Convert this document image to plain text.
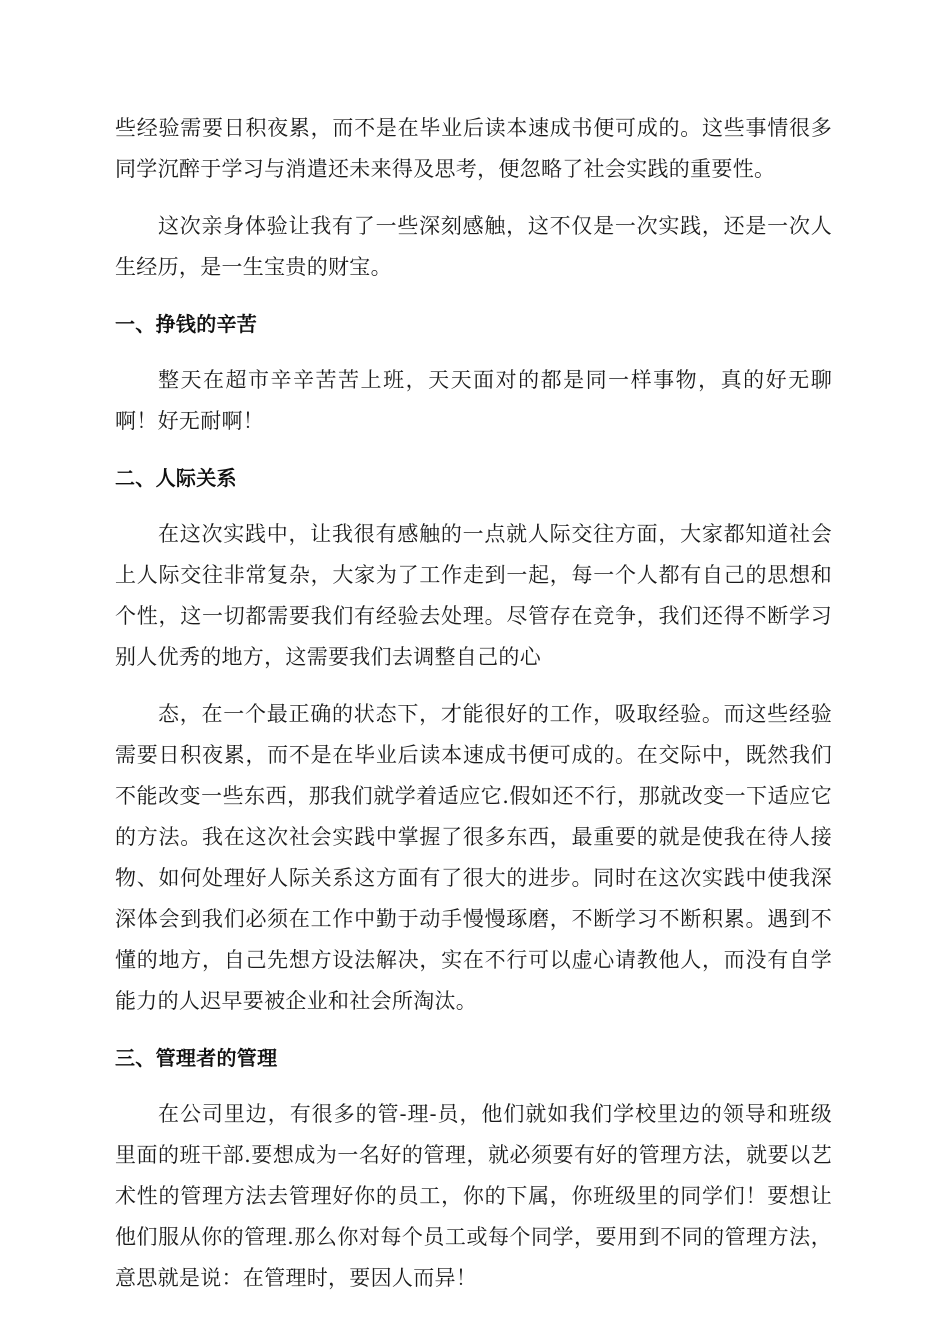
些经验需要日积夜累，而不是在毕业后读本速成书便可成的。这些事情很多同学沉醉于学习与消遣还未来得及思考，便忽略了社会实践的重要性。

这次亲身体验让我有了一些深刻感触，这不仅是一次实践，还是一次人生经历，是一生宝贵的财宝。

一、挣钱的辛苦

整天在超市辛辛苦苦上班，天天面对的都是同一样事物，真的好无聊啊！好无耐啊！

二、人际关系

在这次实践中，让我很有感触的一点就人际交往方面，大家都知道社会上人际交往非常复杂，大家为了工作走到一起，每一个人都有自己的思想和个性，这一切都需要我们有经验去处理。尽管存在竞争，我们还得不断学习别人优秀的地方，这需要我们去调整自己的心

态，在一个最正确的状态下，才能很好的工作，吸取经验。而这些经验需要日积夜累，而不是在毕业后读本速成书便可成的。在交际中，既然我们不能改变一些东西，那我们就学着适应它.假如还不行，那就改变一下适应它的方法。我在这次社会实践中掌握了很多东西，最重要的就是使我在待人接物、如何处理好人际关系这方面有了很大的进步。同时在这次实践中使我深深体会到我们必须在工作中勤于动手慢慢琢磨，不断学习不断积累。遇到不懂的地方，自己先想方设法解决，实在不行可以虚心请教他人，而没有自学能力的人迟早要被企业和社会所淘汰。

三、管理者的管理

在公司里边，有很多的管-理-员，他们就如我们学校里边的领导和班级里面的班干部.要想成为一名好的管理，就必须要有好的管理方法，就要以艺术性的管理方法去管理好你的员工，你的下属，你班级里的同学们！要想让他们服从你的管理.那么你对每个员工或每个同学，要用到不同的管理方法，意思就是说：在管理时，要因人而异！
